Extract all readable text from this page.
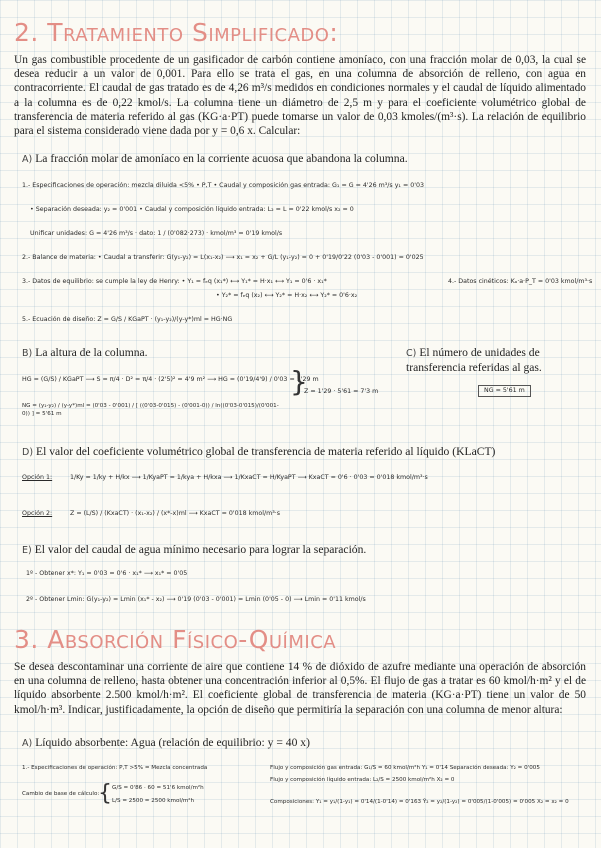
2. Tratamiento Simplificado:
Un gas combustible procedente de un gasificador de carbón contiene amoníaco, con una fracción molar de 0,03, la cual se desea reducir a un valor de 0,001. Para ello se trata el gas, en una columna de absorción de relleno, con agua en contracorriente. El caudal de gas tratado es de 4,26 m³/s medidos en condiciones normales y el caudal de líquido alimentado a la columna es de 0,22 kmol/s. La columna tiene un diámetro de 2,5 m y para el coeficiente volumétrico global de transferencia de materia referido al gas (KG·a·PT) puede tomarse un valor de 0,03 kmoles/(m³·s). La relación de equilibrio para el sistema considerado viene dada por y = 0,6 x. Calcular:
A) La fracción molar de amoníaco en la corriente acuosa que abandona la columna.
1.- Especificaciones de operación: mezcla diluida <5% • P,T • Caudal y composición gas entrada: G₁ = G = 4'26 m³/s y₁ = 0'03
• Separación deseada: y₂ = 0'001 • Caudal y composición líquido entrada: L₂ = L = 0'22 kmol/s x₂ = 0
Unificar unidades: G = 4'26 m³/s · dato: 1 / (0'082·273) · kmol/m³ = 0'19 kmol/s
2.- Balance de materia: • Caudal a transferir: G(y₁-y₂) = L(x₁-x₂) ⟶ x₁ = x₂ + G/L (y₁-y₂) = 0 + 0'19/0'22 (0'03 - 0'001) = 0'025
3.- Datos de equilibrio: se cumple la ley de Henry: • Y₁ = fₑq (x₁*) ⟷ Y₁* = H·x₁ ⟷ Y₁ = 0'6 · x₁*
• Y₂* = fₑq (x₂) ⟷ Y₂* = H·x₂ ⟷ Y₂* = 0'6·x₂
4.- Datos cinéticos: Kₐ·a·P_T = 0'03 kmol/m³·s
5.- Ecuación de diseño: Z = G/S / KGaPT · (y₁-y₂)/(y-y*)ml = HG·NG
B) La altura de la columna.	C) El número de unidades de transferencia referidas al gas.
HG = (G/S) / KGaPT ⟶ S = π/4 · D² = π/4 · (2'5)² = 4'9 m² ⟶ HG = (0'19/4'9) / 0'03 = 1'29 m
NG = (y₁-y₂) / (y-y*)ml = (0'03 - 0'001) / [ ((0'03-0'015) - (0'001-0)) / ln((0'03-0'015)/(0'001-0)) ] = 5'61 m
}
Z = 1'29 · 5'61 = 7'3 m	NG = 5'61 m
D) El valor del coeficiente volumétrico global de transferencia de materia referido al líquido (KLaCT)
Opción 1:	1/Ky = 1/ky + H/kx ⟶ 1/KyaPT = 1/kya + H/kxa ⟶ 1/KxaCT = H/KyaPT ⟶ KxaCT = 0'6 · 0'03 = 0'018 kmol/m³·s
Opción 2:	Z = (L/S) / (KxaCT) · (x₁-x₂) / (x*-x)ml ⟶ KxaCT = 0'018 kmol/m³·s
E) El valor del caudal de agua mínimo necesario para lograr la separación.
1º - Obtener x*: Y₁ = 0'03 = 0'6 · x₁* ⟶ x₁* = 0'05
2º - Obtener Lmin: G(y₁-y₂) = Lmin (x₁* - x₂) ⟶ 0'19 (0'03 - 0'001) = Lmin (0'05 - 0) ⟶ Lmin = 0'11 kmol/s
3. Absorción Físico-Química
Se desea descontaminar una corriente de aire que contiene 14 % de dióxido de azufre mediante una operación de absorción en una columna de relleno, hasta obtener una concentración inferior al 0,5%. El flujo de gas a tratar es 60 kmol/h·m² y el de líquido absorbente 2.500 kmol/h·m². El coeficiente global de transferencia de materia (KG·a·PT) tiene un valor de 50 kmol/h·m³. Indicar, justificadamente, la opción de diseño que permitiría la separación con una columna de menor altura:
A) Líquido absorbente: Agua (relación de equilibrio: y = 40 x)
1.- Especificaciones de operación: P,T >5% = Mezcla concentrada	Flujo y composición gas entrada: G₁/S = 60 kmol/m²h Y₁ = 0'14 Separación deseada: Y₂ = 0'005
Flujo y composición líquido entrada: L₂/S = 2500 kmol/m²h X₂ = 0
Cambio de base de cálculo:
{ G/S = 0'86 · 60 = 51'6 kmol/m²h
L/S = 2500 = 2500 kmol/m²h	Composiciones: Y₁ = y₁/(1-y₁) = 0'14/(1-0'14) = 0'163 Ȳ₂ = y₂/(1-y₂) = 0'005/(1-0'005) = 0'005 X₂ = x₂ = 0
